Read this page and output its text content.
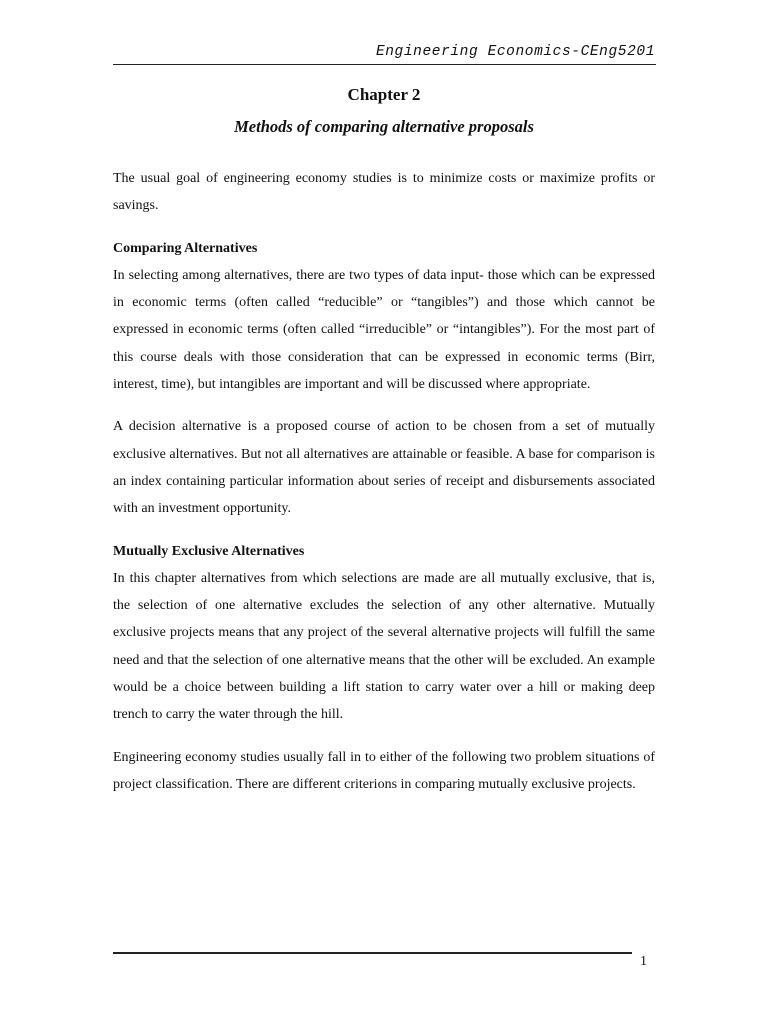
Engineering Economics-CEng5201
Chapter 2
Methods of comparing alternative proposals

The usual goal of engineering economy studies is to minimize costs or maximize profits or savings.

Comparing Alternatives

In selecting among alternatives, there are two types of data input- those which can be expressed in economic terms (often called “reducible” or “tangibles”) and those which cannot be expressed in economic terms (often called “irreducible” or “intangibles”). For the most part of this course deals with those consideration that can be expressed in economic terms (Birr, interest, time), but intangibles are important and will be discussed where appropriate.

A decision alternative is a proposed course of action to be chosen from a set of mutually exclusive alternatives. But not all alternatives are attainable or feasible. A base for comparison is an index containing particular information about series of receipt and disbursements associated with an investment opportunity.

Mutually Exclusive Alternatives

In this chapter alternatives from which selections are made are all mutually exclusive, that is, the selection of one alternative excludes the selection of any other alternative. Mutually exclusive projects means that any project of the several alternative projects will fulfill the same need and that the selection of one alternative means that the other will be excluded. An example would be a choice between building a lift station to carry water over a hill or making deep trench to carry the water through the hill.

Engineering economy studies usually fall in to either of the following two problem situations of project classification. There are different criterions in comparing mutually exclusive projects.

1
